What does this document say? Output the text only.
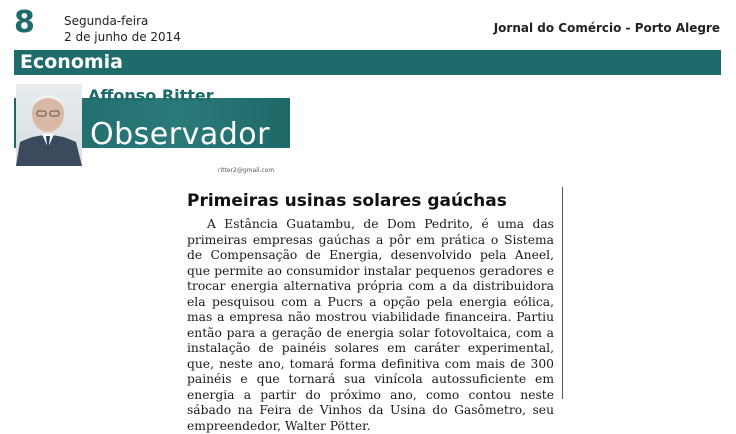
8 Segunda-feira
2 de junho de 2014
Jornal do Comércio - Porto Alegre
Economia
Affonso Ritter
Observador
ritter2@gmail.com
Primeiras usinas solares gaúchas

A Estância Guatambu, de Dom Pedrito, é uma das primeiras empresas gaúchas a pôr em prática o Sistema de Compensação de Energia, desenvolvido pela Aneel, que permite ao consumidor instalar pequenos geradores e trocar energia alternativa própria com a da distribuidora ela pesquisou com a Pucrs a opção pela energia eólica, mas a empresa não mostrou viabilidade financeira. Partiu então para a geração de energia solar fotovoltaica, com a instalação de painéis solares em caráter experimental, que, neste ano, tomará forma definitiva com mais de 300 painéis e que tornará sua vinícola autossuficiente em energia a partir do próximo ano, como contou neste sábado na Feira de Vinhos da Usina do Gasômetro, seu empreendedor, Walter Pötter.
